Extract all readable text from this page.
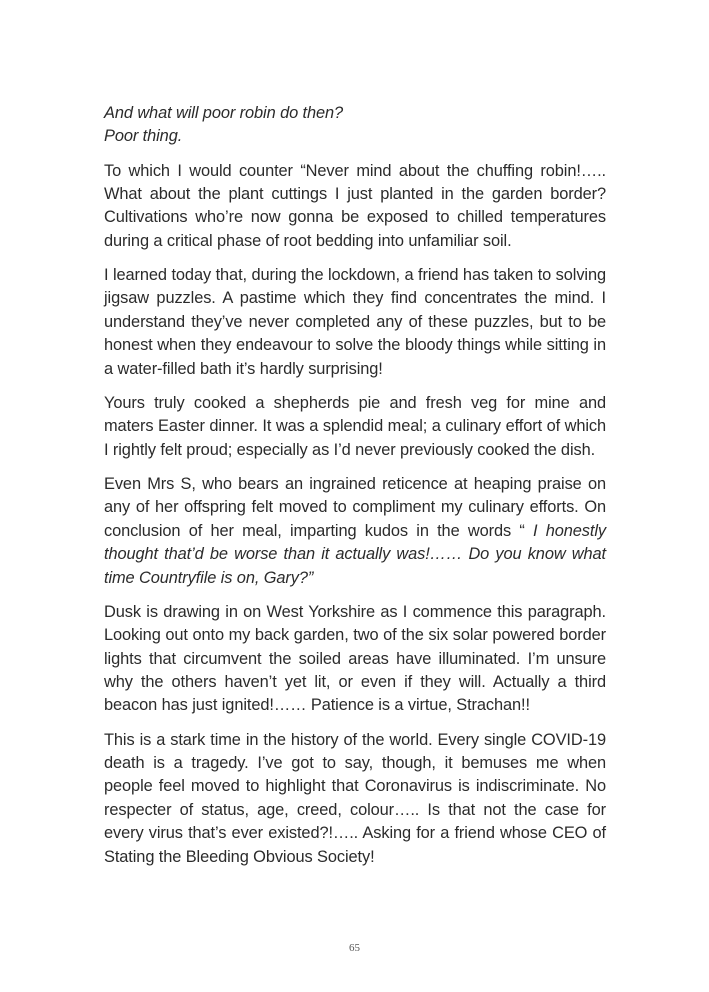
And what will poor robin do then?

Poor thing.

To which I would counter “Never mind about the chuffing robin!….. What about the plant cuttings I just planted in the garden border? Cultivations who’re now gonna be exposed to chilled temperatures during a critical phase of root bedding into unfamiliar soil.

I learned today that, during the lockdown, a friend has taken to solving jigsaw puzzles. A pastime which they find concentrates the mind. I understand they’ve never completed any of these puzzles, but to be honest when they endeavour to solve the bloody things while sitting in a water-filled bath it’s hardly surprising!

Yours truly cooked a shepherds pie and fresh veg for mine and maters Easter dinner. It was a splendid meal; a culinary effort of which I rightly felt proud; especially as I’d never previously cooked the dish.

Even Mrs S, who bears an ingrained reticence at heaping praise on any of her offspring felt moved to compliment my culinary efforts. On conclusion of her meal, imparting kudos in the words “ I honestly thought that’d be worse than it actually was!…… Do you know what time Countryfile is on, Gary?”

Dusk is drawing in on West Yorkshire as I commence this paragraph. Looking out onto my back garden, two of the six solar powered border lights that circumvent the soiled areas have illuminated. I’m unsure why the others haven’t yet lit, or even if they will. Actually a third beacon has just ignited!…… Patience is a virtue, Strachan!!

This is a stark time in the history of the world. Every single COVID-19 death is a tragedy. I’ve got to say, though, it bemuses me when people feel moved to highlight that Coronavirus is indiscriminate. No respecter of status, age, creed, colour….. Is that not the case for every virus that’s ever existed?!….. Asking for a friend whose CEO of Stating the Bleeding Obvious Society!

65
